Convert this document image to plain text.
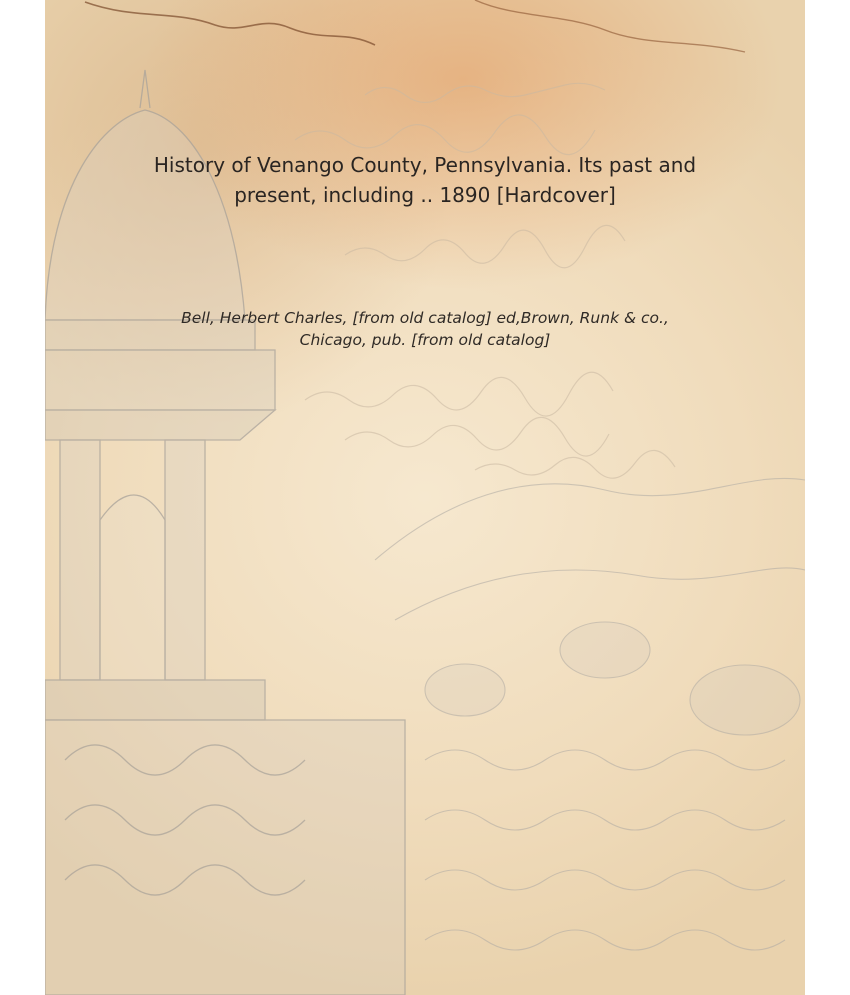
History of Venango County, Pennsylvania. Its past and
present, including .. 1890 [Hardcover]
Bell, Herbert Charles, [from old catalog] ed,Brown, Runk & co.,
Chicago, pub. [from old catalog]
